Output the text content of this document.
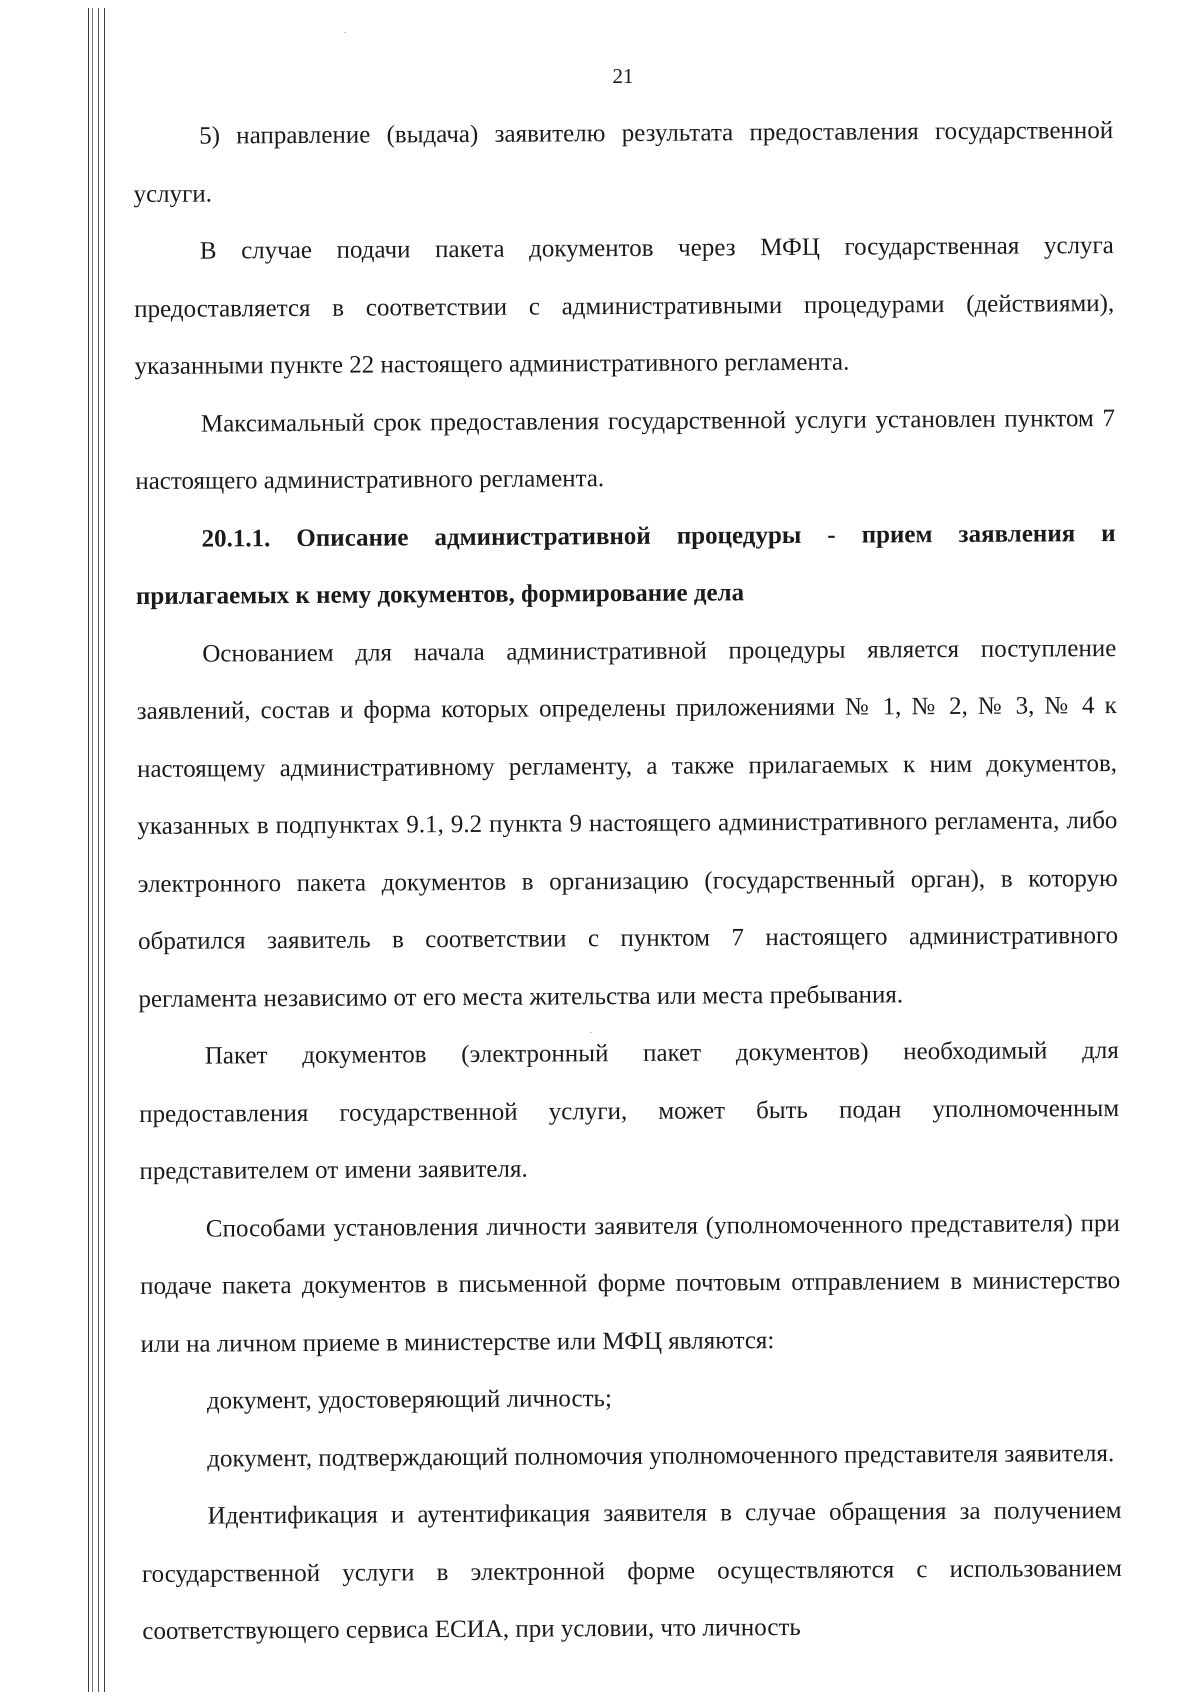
21

5) направление (выдача) заявителю результата предоставления государственной услуги.

В случае подачи пакета документов через МФЦ государственная услуга предоставляется в соответствии с административными процедурами (действиями), указанными пункте 22 настоящего административного регламента.

Максимальный срок предоставления государственной услуги установлен пунктом 7 настоящего административного регламента.

20.1.1. Описание административной процедуры - прием заявления и прилагаемых к нему документов, формирование дела

Основанием для начала административной процедуры является поступление заявлений, состав и форма которых определены приложениями № 1, № 2, № 3, № 4 к настоящему административному регламенту, а также прилагаемых к ним документов, указанных в подпунктах 9.1, 9.2 пункта 9 настоящего административного регламента, либо электронного пакета документов в организацию (государственный орган), в которую обратился заявитель в соответствии с пунктом 7 настоящего административного регламента независимо от его места жительства или места пребывания.

Пакет документов (электронный пакет документов) необходимый для предоставления государственной услуги, может быть подан уполномоченным представителем от имени заявителя.

Способами установления личности заявителя (уполномоченного представителя) при подаче пакета документов в письменной форме почтовым отправлением в министерство или на личном приеме в министерстве или МФЦ являются:

документ, удостоверяющий личность;

документ, подтверждающий полномочия уполномоченного представителя заявителя.

Идентификация и аутентификация заявителя в случае обращения за получением государственной услуги в электронной форме осуществляются с использованием соответствующего сервиса ЕСИА, при условии, что личность
